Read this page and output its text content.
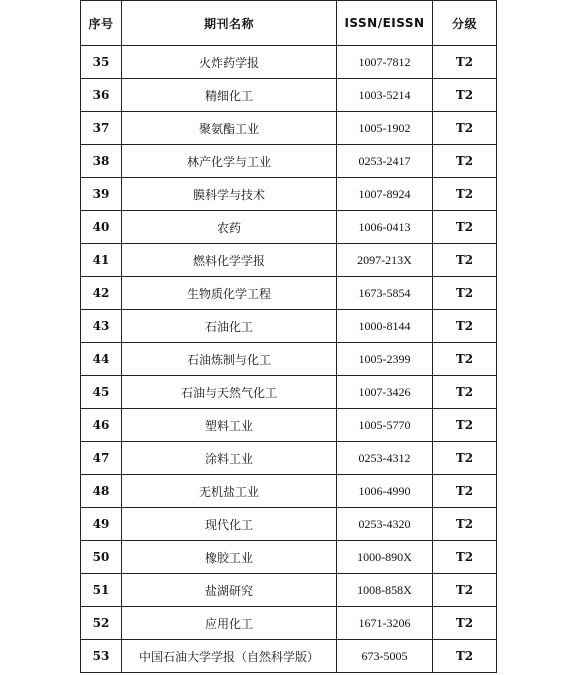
序号	期刊名称	ISSN/EISSN	分级
35	火炸药学报	1007-7812	T2
36	精细化工	1003-5214	T2
37	聚氨酯工业	1005-1902	T2
38	林产化学与工业	0253-2417	T2
39	膜科学与技术	1007-8924	T2
40	农药	1006-0413	T2
41	燃料化学学报	2097-213X	T2
42	生物质化学工程	1673-5854	T2
43	石油化工	1000-8144	T2
44	石油炼制与化工	1005-2399	T2
45	石油与天然气化工	1007-3426	T2
46	塑料工业	1005-5770	T2
47	涂料工业	0253-4312	T2
48	无机盐工业	1006-4990	T2
49	现代化工	0253-4320	T2
50	橡胶工业	1000-890X	T2
51	盐湖研究	1008-858X	T2
52	应用化工	1671-3206	T2
53	中国石油大学学报（自然科学版）	673-5005	T2
